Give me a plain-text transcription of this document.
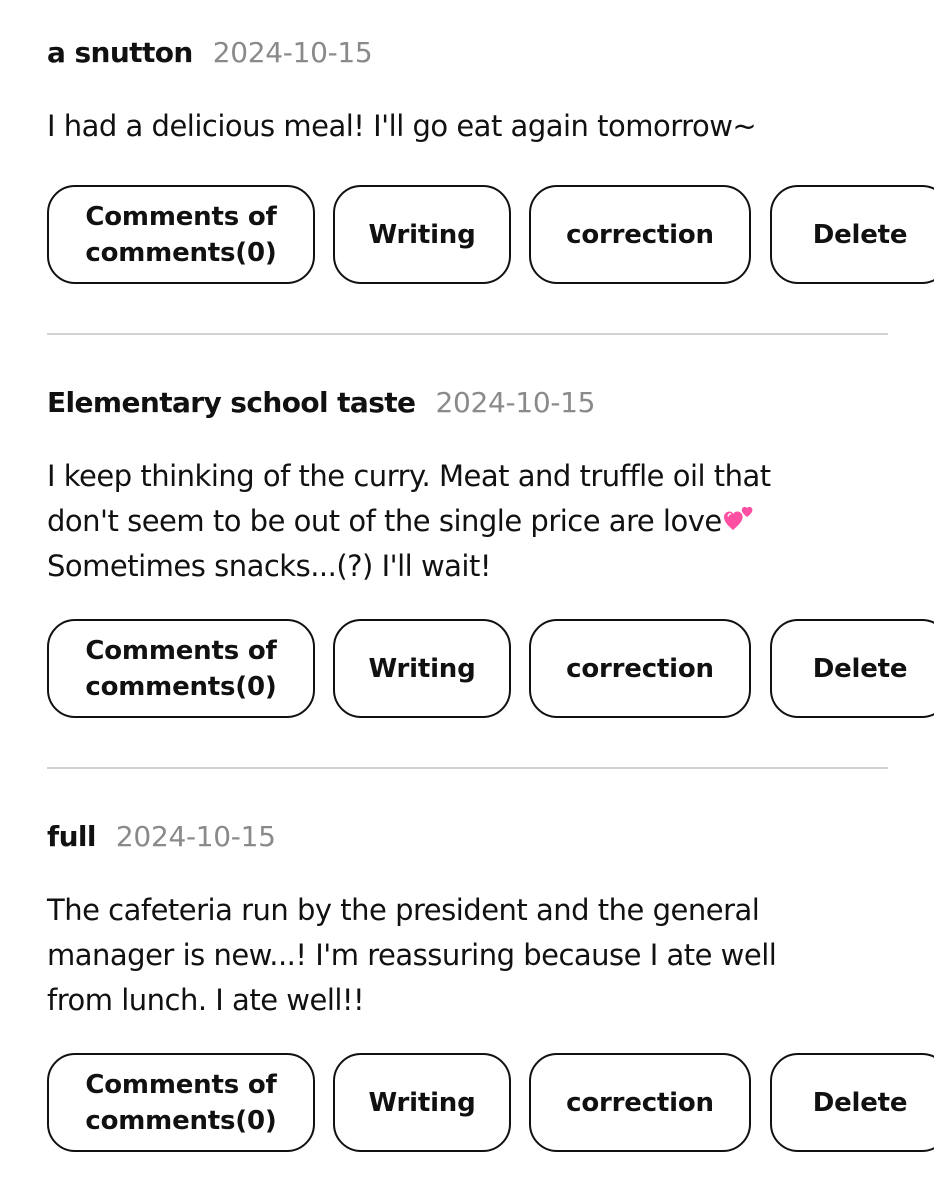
a snutton 2024-10-15
I had a delicious meal! I'll go eat again tomorrow~
Comments of
comments(0)
Writing	correction	Delete
Elementary school taste 2024-10-15
I keep thinking of the curry. Meat and truffle oil that
don't seem to be out of the single price are love
Sometimes snacks...(?) I'll wait!
Comments of
comments(0)
Writing	correction	Delete
full 2024-10-15
The cafeteria run by the president and the general
manager is new...! I'm reassuring because I ate well
from lunch. I ate well!!
Comments of
comments(0)
Writing	correction	Delete
